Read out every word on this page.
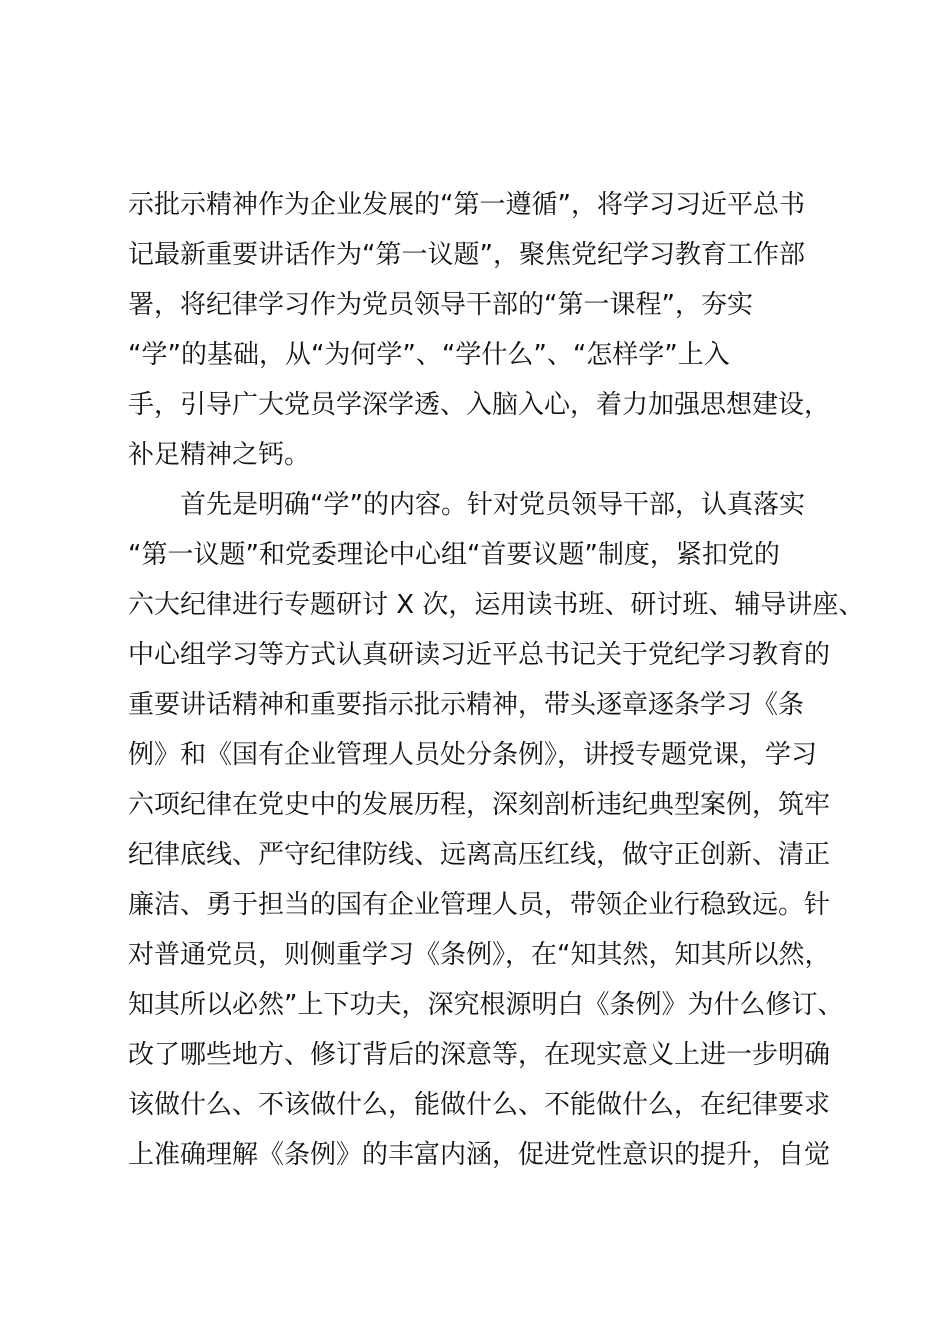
示批示精神作为企业发展的“第一遵循”，将学习习近平总书
记最新重要讲话作为“第一议题”，聚焦党纪学习教育工作部
署，将纪律学习作为党员领导干部的“第一课程”，夯实
“学”的基础，从“为何学”、“学什么”、“怎样学”上入
手，引导广大党员学深学透、入脑入心，着力加强思想建设，
补足精神之钙。
首先是明确“学”的内容。针对党员领导干部，认真落实
“第一议题”和党委理论中心组“首要议题”制度，紧扣党的
六大纪律进行专题研讨 X 次，运用读书班、研讨班、辅导讲座、
中心组学习等方式认真研读习近平总书记关于党纪学习教育的
重要讲话精神和重要指示批示精神，带头逐章逐条学习《条
例》和《国有企业管理人员处分条例》，讲授专题党课，学习
六项纪律在党史中的发展历程，深刻剖析违纪典型案例，筑牢
纪律底线、严守纪律防线、远离高压红线，做守正创新、清正
廉洁、勇于担当的国有企业管理人员，带领企业行稳致远。针
对普通党员，则侧重学习《条例》，在“知其然，知其所以然，
知其所以必然”上下功夫，深究根源明白《条例》为什么修订、
改了哪些地方、修订背后的深意等，在现实意义上进一步明确
该做什么、不该做什么，能做什么、不能做什么，在纪律要求
上准确理解《条例》的丰富内涵，促进党性意识的提升，自觉
